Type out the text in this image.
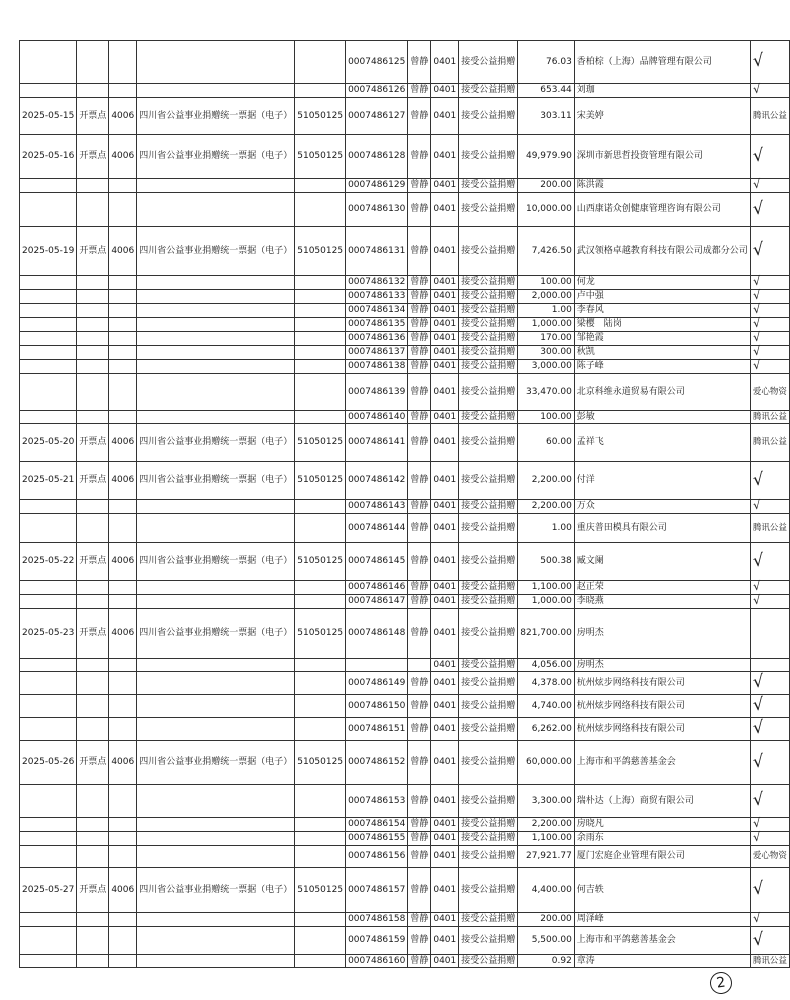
					0007486125	曾静	0401	接受公益捐赠	76.03	香柏棕（上海）品牌管理有限公司	√
					0007486126	曾静	0401	接受公益捐赠	653.44	刘珈	√
2025-05-15	开票点	4006	四川省公益事业捐赠统一票据（电子）	51050125	0007486127	曾静	0401	接受公益捐赠	303.11	宋美婷	腾讯公益
2025-05-16	开票点	4006	四川省公益事业捐赠统一票据（电子）	51050125	0007486128	曾静	0401	接受公益捐赠	49,979.90	深圳市新思哲投资管理有限公司	√
					0007486129	曾静	0401	接受公益捐赠	200.00	陈洪霞	√
					0007486130	曾静	0401	接受公益捐赠	10,000.00	山西康诺众创健康管理咨询有限公司	√
2025-05-19	开票点	4006	四川省公益事业捐赠统一票据（电子）	51050125	0007486131	曾静	0401	接受公益捐赠	7,426.50	武汉领格卓越教育科技有限公司成都分公司	√
					0007486132	曾静	0401	接受公益捐赠	100.00	何龙	√
					0007486133	曾静	0401	接受公益捐赠	2,000.00	卢中强	√
					0007486134	曾静	0401	接受公益捐赠	1.00	李春风	√
					0007486135	曾静	0401	接受公益捐赠	1,000.00	梁樱　陆岗	√
					0007486136	曾静	0401	接受公益捐赠	170.00	邹艳霞	√
					0007486137	曾静	0401	接受公益捐赠	300.00	秋凯	√
					0007486138	曾静	0401	接受公益捐赠	3,000.00	陈子峰	√
					0007486139	曾静	0401	接受公益捐赠	33,470.00	北京科维永道贸易有限公司	爱心物资
					0007486140	曾静	0401	接受公益捐赠	100.00	彭敏	腾讯公益
2025-05-20	开票点	4006	四川省公益事业捐赠统一票据（电子）	51050125	0007486141	曾静	0401	接受公益捐赠	60.00	孟祥飞	腾讯公益
2025-05-21	开票点	4006	四川省公益事业捐赠统一票据（电子）	51050125	0007486142	曾静	0401	接受公益捐赠	2,200.00	付洋	√
					0007486143	曾静	0401	接受公益捐赠	2,200.00	万众	√
					0007486144	曾静	0401	接受公益捐赠	1.00	重庆普田模具有限公司	腾讯公益
2025-05-22	开票点	4006	四川省公益事业捐赠统一票据（电子）	51050125	0007486145	曾静	0401	接受公益捐赠	500.38	臧文阑	√
					0007486146	曾静	0401	接受公益捐赠	1,100.00	赵正荣	√
					0007486147	曾静	0401	接受公益捐赠	1,000.00	李晓燕	√
2025-05-23	开票点	4006	四川省公益事业捐赠统一票据（电子）	51050125	0007486148	曾静	0401	接受公益捐赠	821,700.00	房明杰	
							0401	接受公益捐赠	4,056.00	房明杰	
					0007486149	曾静	0401	接受公益捐赠	4,378.00	杭州炫步网络科技有限公司	√
					0007486150	曾静	0401	接受公益捐赠	4,740.00	杭州炫步网络科技有限公司	√
					0007486151	曾静	0401	接受公益捐赠	6,262.00	杭州炫步网络科技有限公司	√
2025-05-26	开票点	4006	四川省公益事业捐赠统一票据（电子）	51050125	0007486152	曾静	0401	接受公益捐赠	60,000.00	上海市和平鸽慈善基金会	√
					0007486153	曾静	0401	接受公益捐赠	3,300.00	瑞朴达（上海）商贸有限公司	√
					0007486154	曾静	0401	接受公益捐赠	2,200.00	房晓凡	√
					0007486155	曾静	0401	接受公益捐赠	1,100.00	余雨东	√
					0007486156	曾静	0401	接受公益捐赠	27,921.77	厦门宏庭企业管理有限公司	爱心物资
2025-05-27	开票点	4006	四川省公益事业捐赠统一票据（电子）	51050125	0007486157	曾静	0401	接受公益捐赠	4,400.00	何吉轶	√
					0007486158	曾静	0401	接受公益捐赠	200.00	周泽峰	√
					0007486159	曾静	0401	接受公益捐赠	5,500.00	上海市和平鸽慈善基金会	√
					0007486160	曾静	0401	接受公益捐赠	0.92	章涛	腾讯公益
2
